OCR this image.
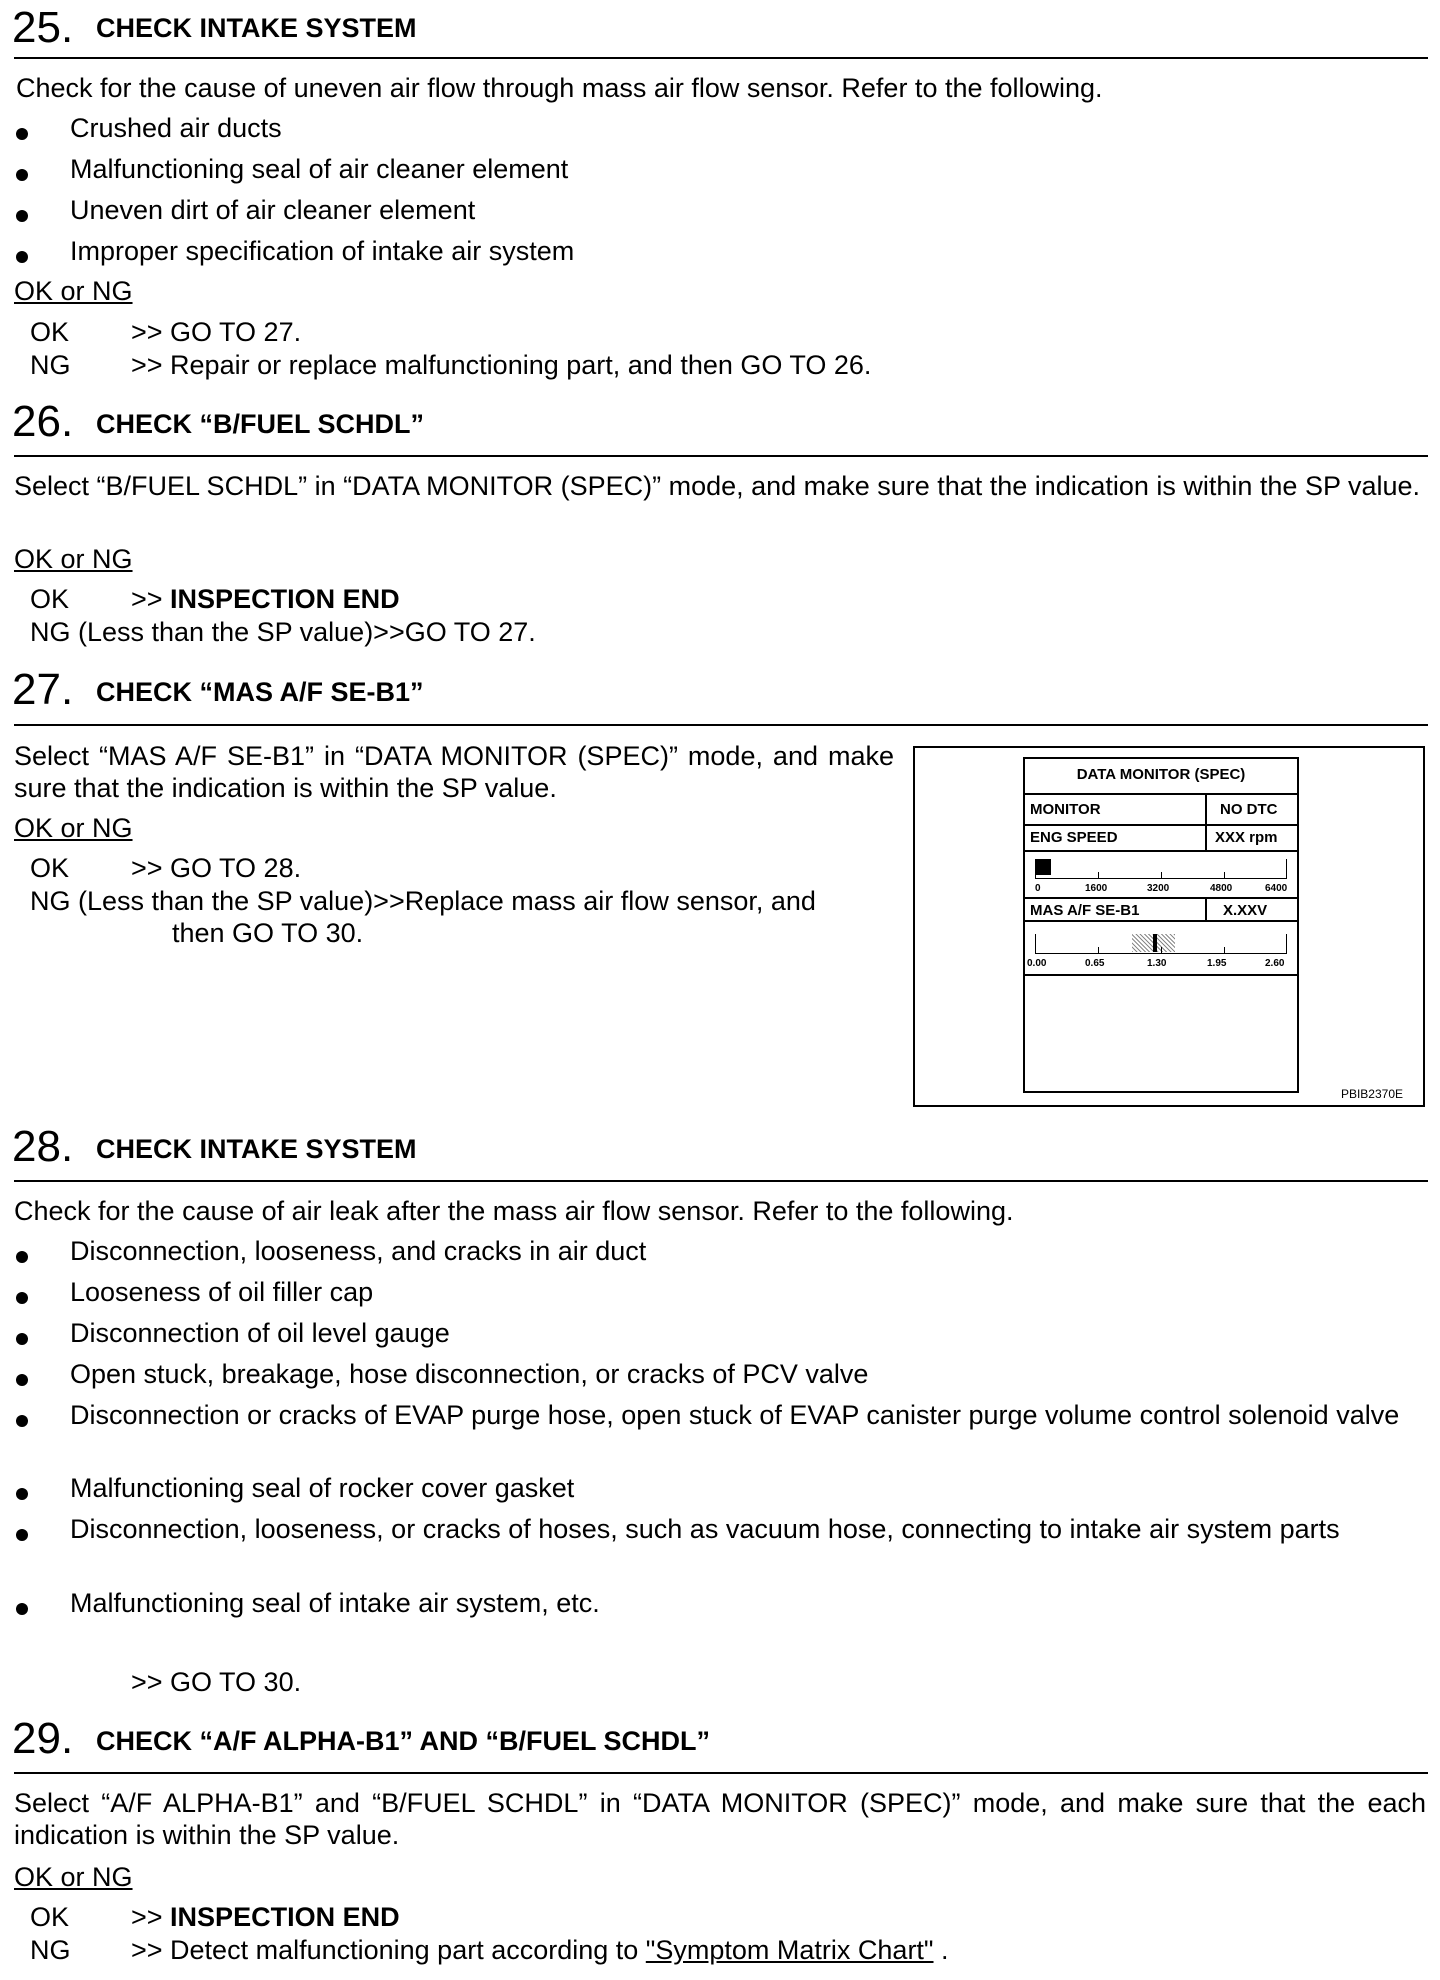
25. CHECK INTAKE SYSTEM
Check for the cause of uneven air flow through mass air flow sensor. Refer to the following.
Crushed air ducts
Malfunctioning seal of air cleaner element
Uneven dirt of air cleaner element
Improper specification of intake air system
OK or NG
OK >> GO TO 27.
NG >> Repair or replace malfunctioning part, and then GO TO 26.
26. CHECK “B/FUEL SCHDL”
Select “B/FUEL SCHDL” in “DATA MONITOR (SPEC)” mode, and make sure that the indication is within the SP value.
OK or NG
OK >> INSPECTION END
NG (Less than the SP value)>>GO TO 27.
27. CHECK “MAS A/F SE-B1”
Select “MAS A/F SE-B1” in “DATA MONITOR (SPEC)” mode, and make sure that the indication is within the SP value.
OK or NG
OK >> GO TO 28.
NG (Less than the SP value)>>Replace mass air flow sensor, and
then GO TO 30.
DATA MONITOR (SPEC)
MONITOR	NO DTC
ENG SPEED	XXX rpm
0	1600	3200	4800	6400
MAS A/F SE-B1	X.XXV
0.00	0.65	1.30	1.95	2.60
PBIB2370E
28. CHECK INTAKE SYSTEM
Check for the cause of air leak after the mass air flow sensor. Refer to the following.
Disconnection, looseness, and cracks in air duct
Looseness of oil filler cap
Disconnection of oil level gauge
Open stuck, breakage, hose disconnection, or cracks of PCV valve
Disconnection or cracks of EVAP purge hose, open stuck of EVAP canister purge volume control solenoid valve
Malfunctioning seal of rocker cover gasket
Disconnection, looseness, or cracks of hoses, such as vacuum hose, connecting to intake air system parts
Malfunctioning seal of intake air system, etc.
>> GO TO 30.
29. CHECK “A/F ALPHA-B1” AND “B/FUEL SCHDL”
Select “A/F ALPHA-B1” and “B/FUEL SCHDL” in “DATA MONITOR (SPEC)” mode, and make sure that the each indication is within the SP value.
OK or NG
OK >> INSPECTION END
NG >> Detect malfunctioning part according to "Symptom Matrix Chart" .
